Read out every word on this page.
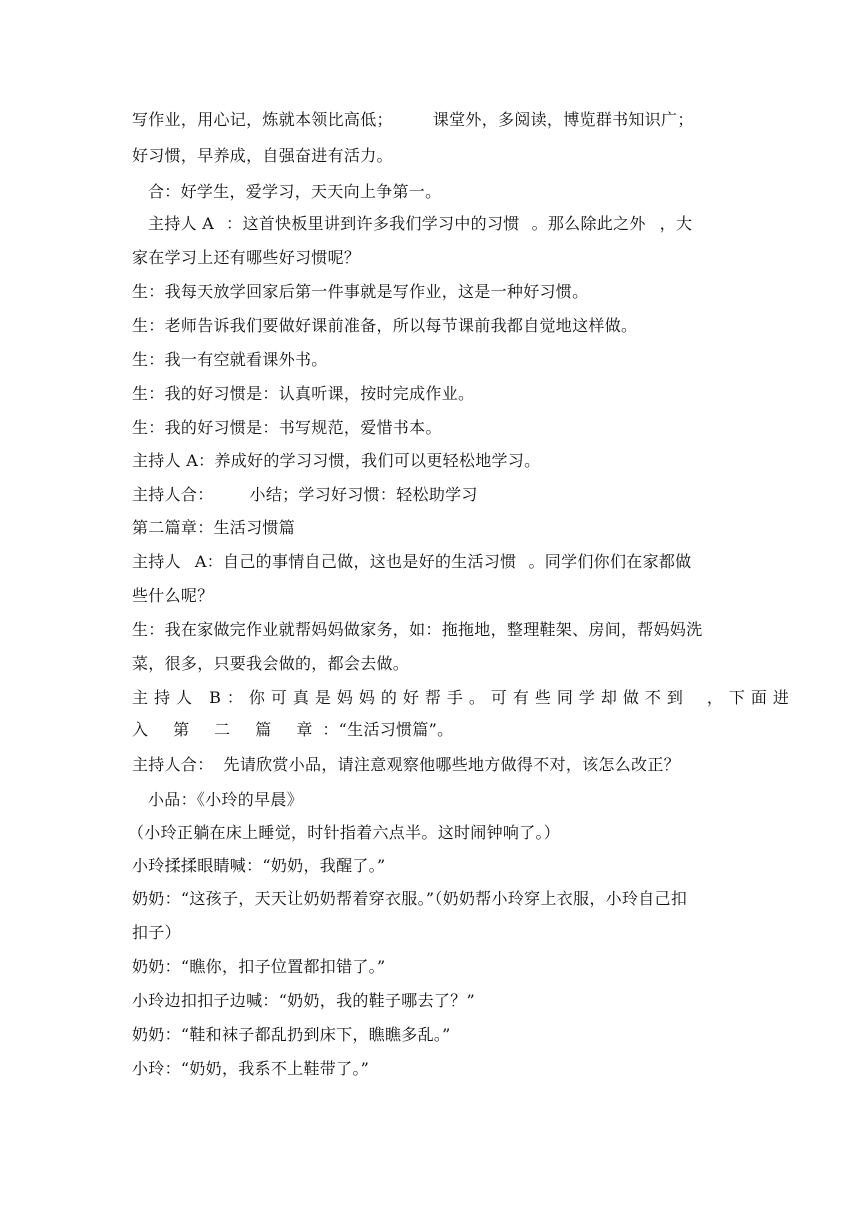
写作业，用心记，炼就本领比高低；	课堂外，多阅读，博览群书知识广；
好习惯，早养成，自强奋进有活力。
合：好学生，爱学习，天天向上争第一。
主持人 A ：这首快板里讲到许多我们学习中的习惯 。那么除此之外 ，大
家在学习上还有哪些好习惯呢？
生：我每天放学回家后第一件事就是写作业，这是一种好习惯。
生：老师告诉我们要做好课前准备，所以每节课前我都自觉地这样做。
生：我一有空就看课外书。
生：我的好习惯是：认真听课，按时完成作业。
生：我的好习惯是：书写规范，爱惜书本。
主持人 A：养成好的学习习惯，我们可以更轻松地学习。
主持人合： 小结；学习好习惯：轻松助学习
第二篇章：生活习惯篇
主持人 A：自己的事情自己做，这也是好的生活习惯 。同学们你们在家都做
些什么呢？
生：我在家做完作业就帮妈妈做家务，如：拖拖地，整理鞋架、房间，帮妈妈洗
菜，很多，只要我会做的，都会去做。
主持人 B：你可真是妈妈的好帮手。可有些同学却做不到 ，下面进
入 第 二 篇 章：“生活习惯篇”。
主持人合： 先请欣赏小品，请注意观察他哪些地方做得不对，该怎么改正？
小品：《小玲的早晨》
（小玲正躺在床上睡觉，时针指着六点半。这时闹钟响了。）
小玲揉揉眼睛喊：“奶奶，我醒了。”
奶奶：“这孩子，天天让奶奶帮着穿衣服。”（奶奶帮小玲穿上衣服，小玲自己扣
扣子）
奶奶：“瞧你，扣子位置都扣错了。”
小玲边扣扣子边喊：“奶奶，我的鞋子哪去了？”
奶奶：“鞋和袜子都乱扔到床下，瞧瞧多乱。”
小玲：“奶奶，我系不上鞋带了。”
